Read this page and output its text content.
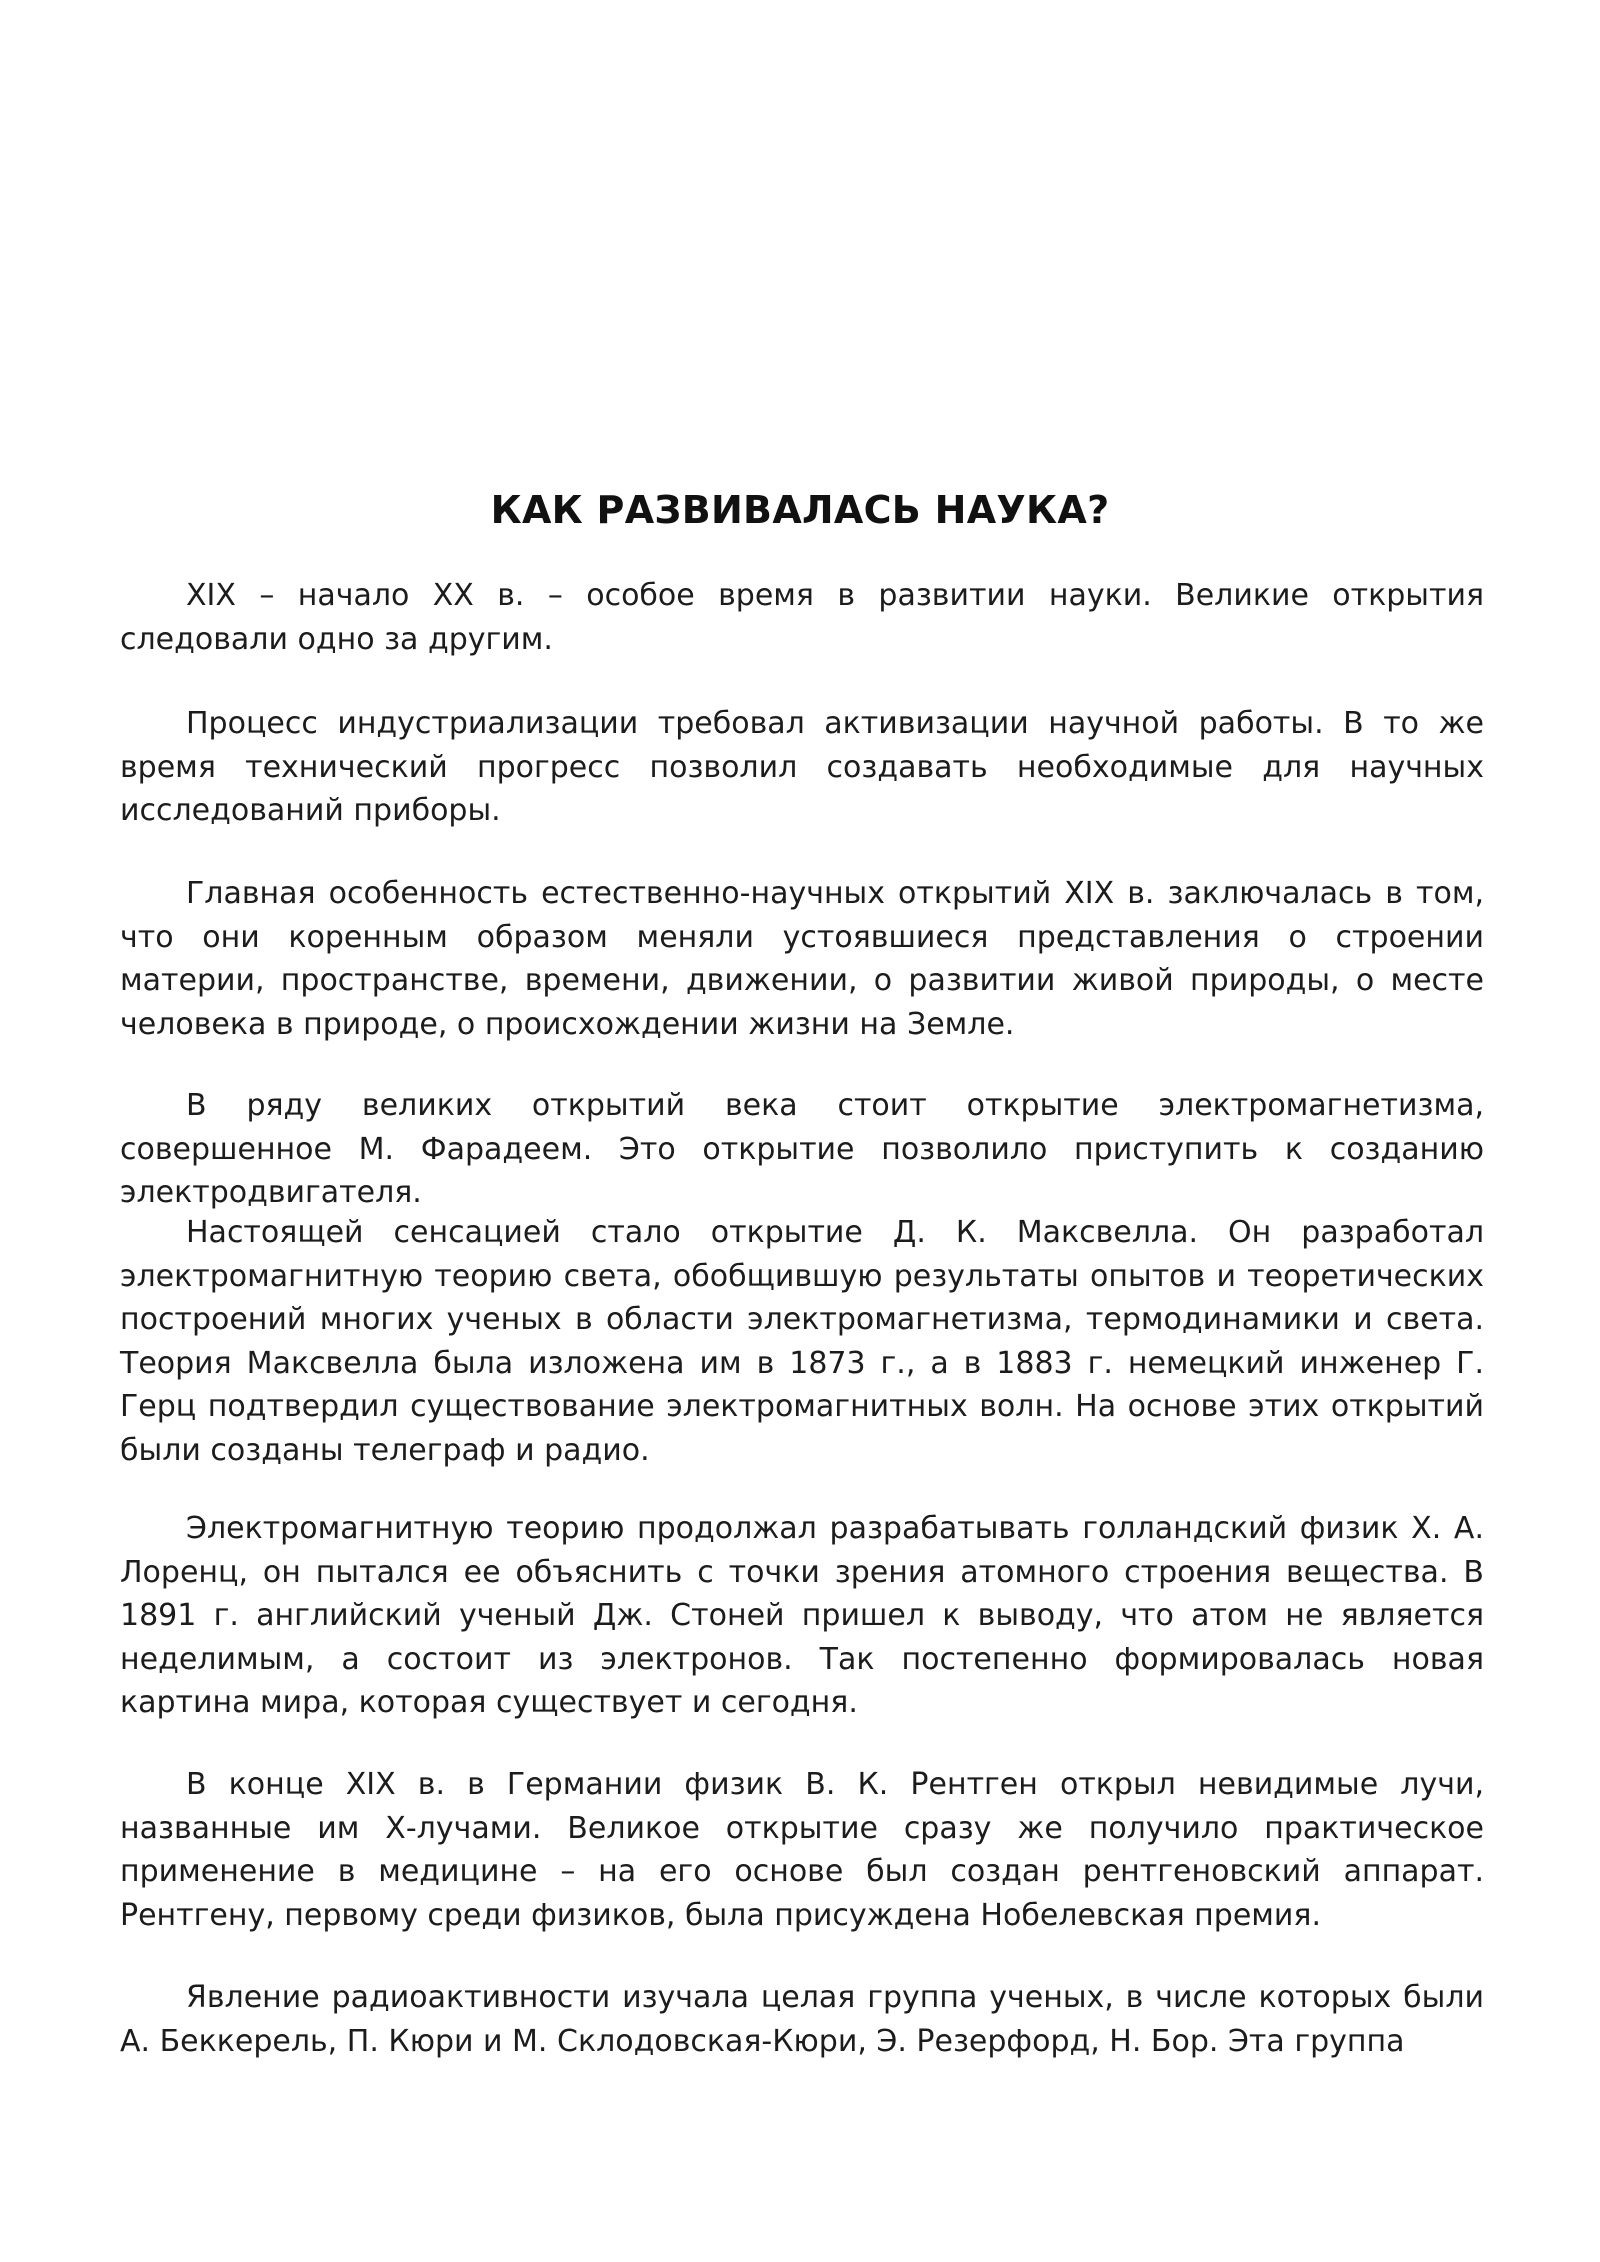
КАК РАЗВИВАЛАСЬ НАУКА?

XIX – начало XX в. – особое время в развитии науки. Великие открытия следовали одно за другим.

Процесс индустриализации требовал активизации научной работы. В то же время технический прогресс позволил создавать необходимые для научных исследований приборы.

Главная особенность естественно-научных открытий XIX в. заключалась в том, что они коренным образом меняли устоявшиеся представления о строении материи, пространстве, времени, движении, о развитии живой природы, о месте человека в природе, о происхождении жизни на Земле.

В ряду великих открытий века стоит открытие электромагнетизма, совершенное М. Фарадеем. Это открытие позволило приступить к созданию электродвигателя.

Настоящей сенсацией стало открытие Д. К. Максвелла. Он разработал электромагнитную теорию света, обобщившую результаты опытов и теоретических построений многих ученых в области электромагнетизма, термодинамики и света. Теория Максвелла была изложена им в 1873 г., а в 1883 г. немецкий инженер Г. Герц подтвердил существование электромагнитных волн. На основе этих открытий были созданы телеграф и радио.

Электромагнитную теорию продолжал разрабатывать голландский физик Х. А. Лоренц, он пытался ее объяснить с точки зрения атомного строения вещества. В 1891 г. английский ученый Дж. Стоней пришел к выводу, что атом не является неделимым, а состоит из электронов. Так постепенно формировалась новая картина мира, которая существует и сегодня.

В конце XIX в. в Германии физик В. К. Рентген открыл невидимые лучи, названные им Х-лучами. Великое открытие сразу же получило практическое применение в медицине – на его основе был создан рентгеновский аппарат. Рентгену, первому среди физиков, была присуждена Нобелевская премия.

Явление радиоактивности изучала целая группа ученых, в числе которых были А. Беккерель, П. Кюри и М. Склодовская-Кюри, Э. Резерфорд, Н. Бор. Эта группа
